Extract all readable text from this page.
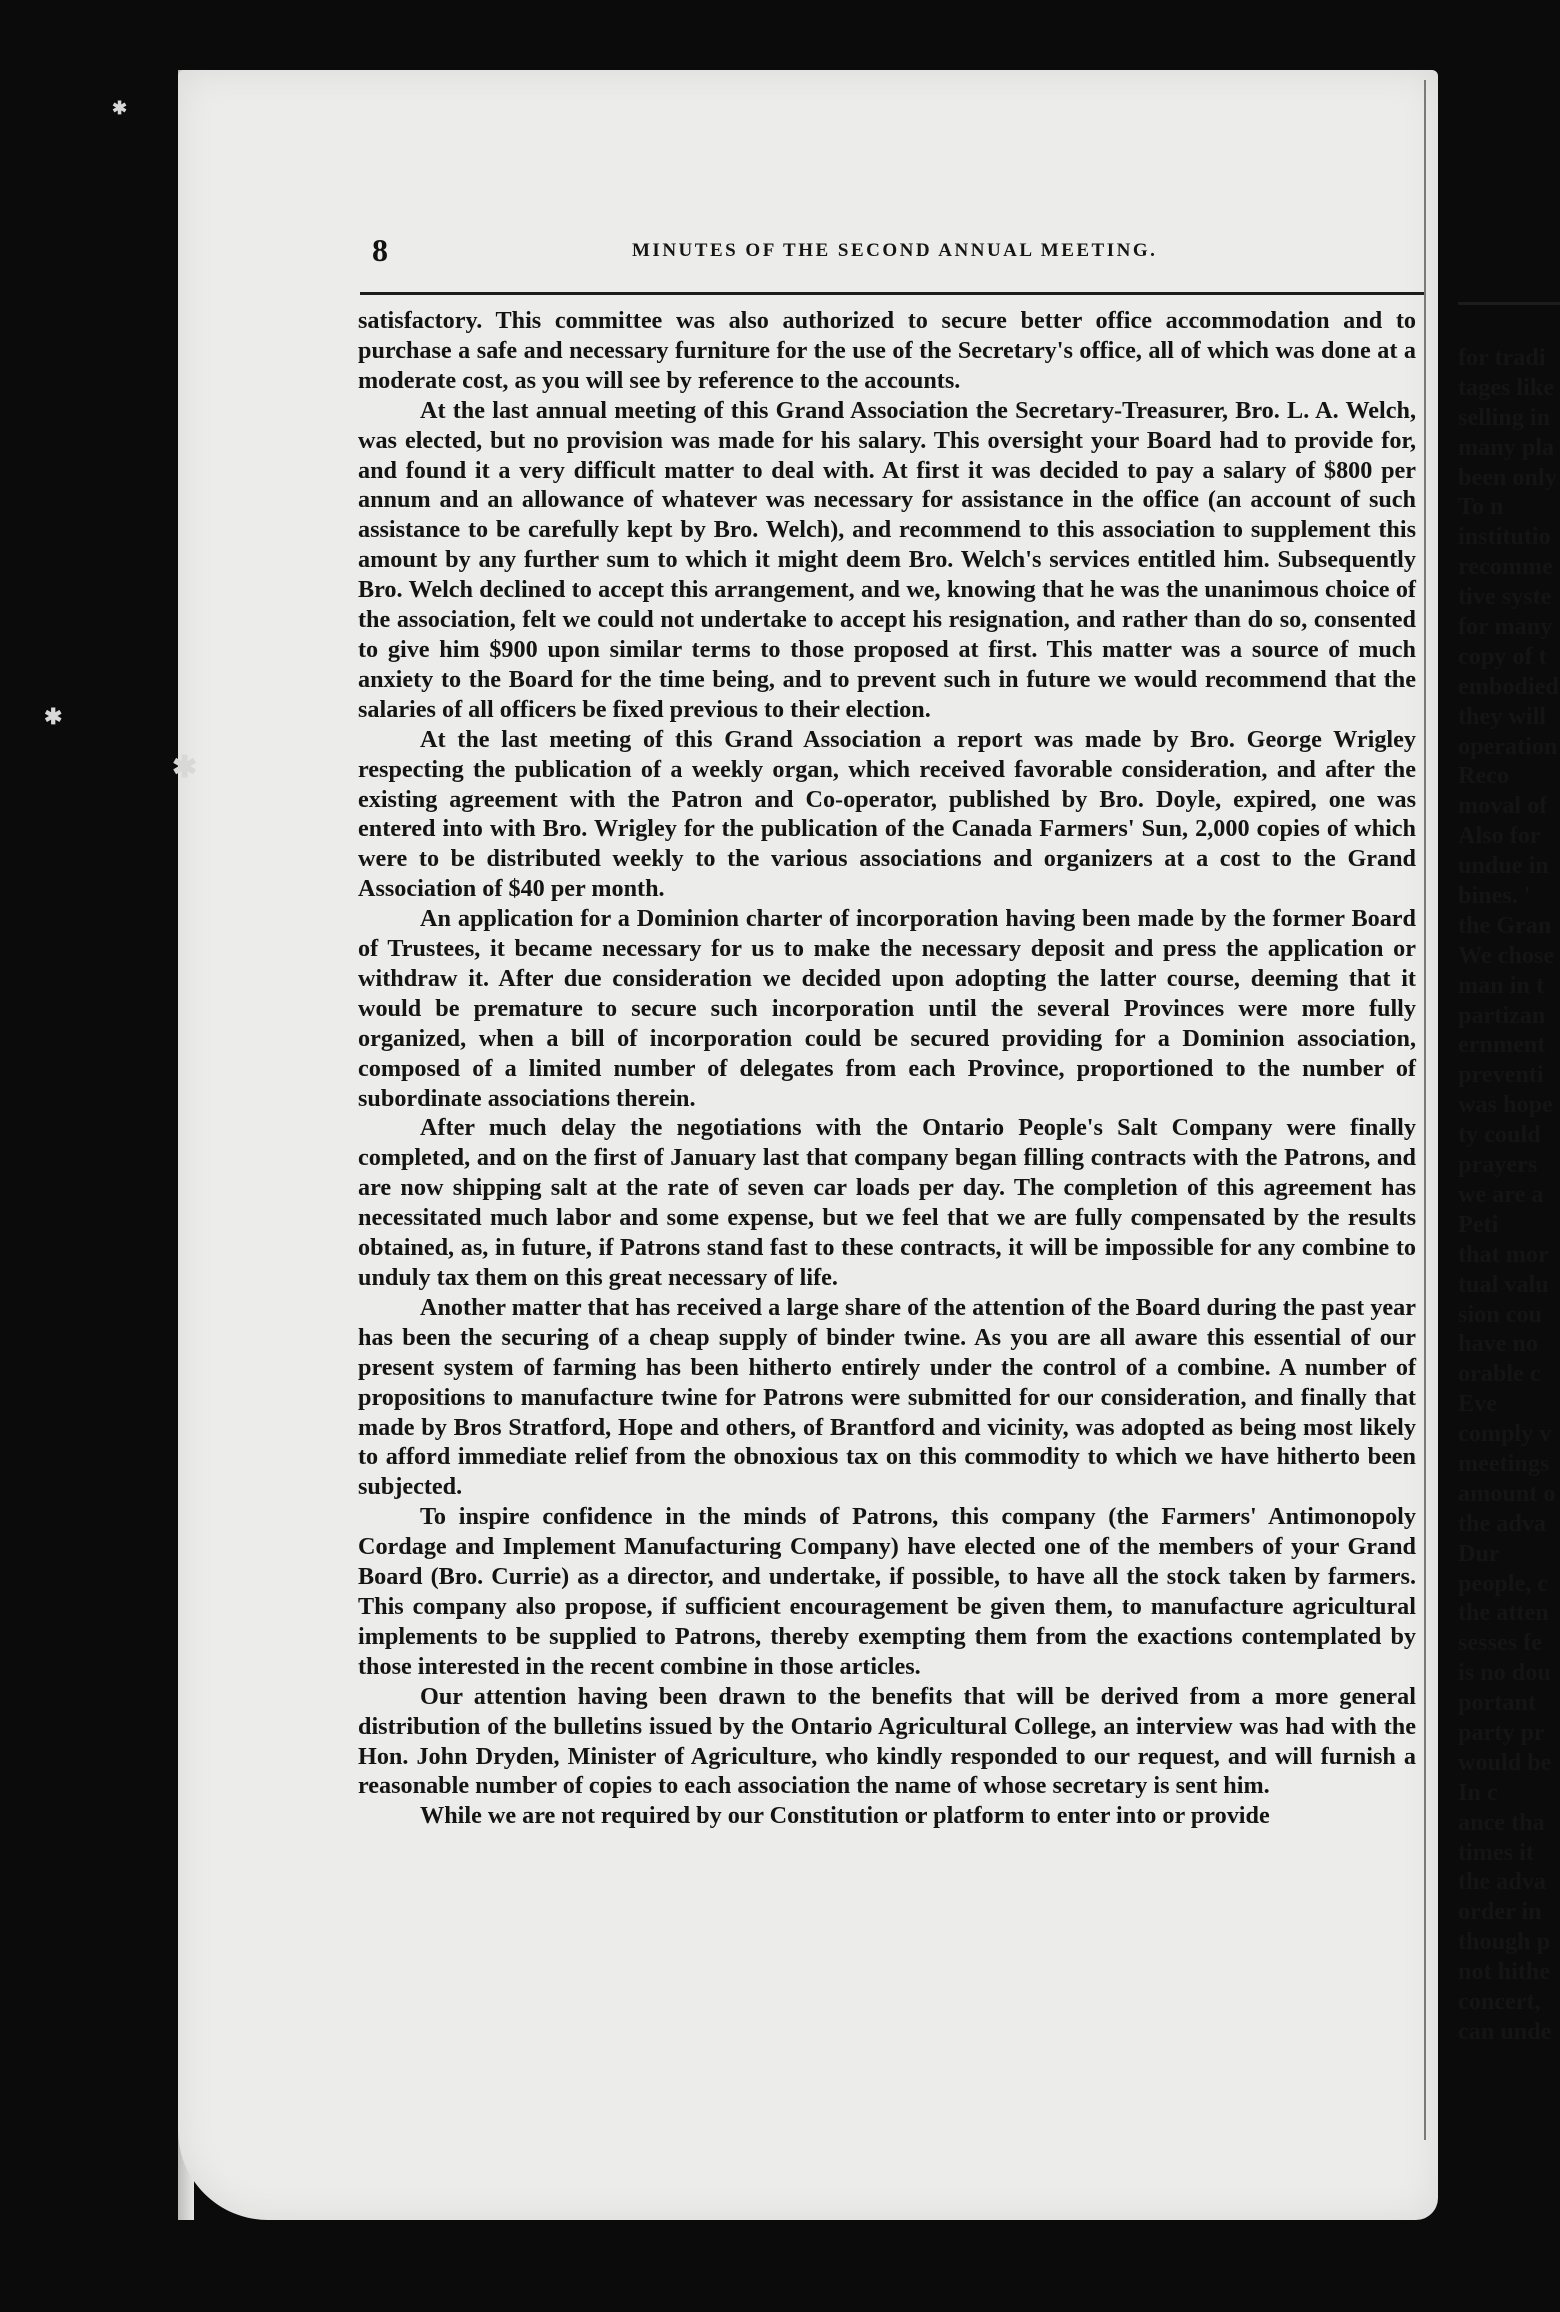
✱
✱
✱
8	MINUTES OF THE SECOND ANNUAL MEETING.

satisfactory. This committee was also authorized to secure better office accommodation and to purchase a safe and necessary furniture for the use of the Secretary's office, all of which was done at a moderate cost, as you will see by reference to the accounts.

At the last annual meeting of this Grand Association the Secretary-Treasurer, Bro. L. A. Welch, was elected, but no provision was made for his salary. This oversight your Board had to provide for, and found it a very difficult matter to deal with. At first it was decided to pay a salary of $800 per annum and an allowance of whatever was necessary for assistance in the office (an account of such assistance to be carefully kept by Bro. Welch), and recommend to this association to supplement this amount by any further sum to which it might deem Bro. Welch's services entitled him. Subsequently Bro. Welch declined to accept this arrangement, and we, knowing that he was the unanimous choice of the association, felt we could not undertake to accept his resignation, and rather than do so, consented to give him $900 upon similar terms to those proposed at first. This matter was a source of much anxiety to the Board for the time being, and to prevent such in future we would recommend that the salaries of all officers be fixed previous to their election.

At the last meeting of this Grand Association a report was made by Bro. George Wrigley respecting the publication of a weekly organ, which received favorable consideration, and after the existing agreement with the Patron and Co-operator, published by Bro. Doyle, expired, one was entered into with Bro. Wrigley for the publication of the Canada Farmers' Sun, 2,000 copies of which were to be distributed weekly to the various associations and organizers at a cost to the Grand Association of $40 per month.

An application for a Dominion charter of incorporation having been made by the former Board of Trustees, it became necessary for us to make the necessary deposit and press the application or withdraw it. After due consideration we decided upon adopting the latter course, deeming that it would be premature to secure such incorporation until the several Provinces were more fully organized, when a bill of incorporation could be secured providing for a Dominion association, composed of a limited number of delegates from each Province, proportioned to the number of subordinate associations therein.

After much delay the negotiations with the Ontario People's Salt Company were finally completed, and on the first of January last that company began filling contracts with the Patrons, and are now shipping salt at the rate of seven car loads per day. The completion of this agreement has necessitated much labor and some expense, but we feel that we are fully compensated by the results obtained, as, in future, if Patrons stand fast to these contracts, it will be impossible for any combine to unduly tax them on this great necessary of life.

Another matter that has received a large share of the attention of the Board during the past year has been the securing of a cheap supply of binder twine. As you are all aware this essential of our present system of farming has been hitherto entirely under the control of a combine. A number of propositions to manufacture twine for Patrons were submitted for our consideration, and finally that made by Bros Stratford, Hope and others, of Brantford and vicinity, was adopted as being most likely to afford immediate relief from the obnoxious tax on this commodity to which we have hitherto been subjected.

To inspire confidence in the minds of Patrons, this company (the Farmers' Antimonopoly Cordage and Implement Manufacturing Company) have elected one of the members of your Grand Board (Bro. Currie) as a director, and undertake, if possible, to have all the stock taken by farmers. This company also propose, if sufficient encouragement be given them, to manufacture agricultural implements to be supplied to Patrons, thereby exempting them from the exactions contemplated by those interested in the recent combine in those articles.

Our attention having been drawn to the benefits that will be derived from a more general distribution of the bulletins issued by the Ontario Agricultural College, an interview was had with the Hon. John Dryden, Minister of Agriculture, who kindly responded to our request, and will furnish a reasonable number of copies to each association the name of whose secretary is sent him.

While we are not required by our Constitution or platform to enter into or provide

for tradi
tages like
selling in
many pla
been only
To n
institutio
recomme
tive syste
for many
copy of t
embodied
they will
operation
Reco
moval of
Also for
undue in
bines. '
the Gran
We chose
man in t
partizan
ernment
preventi
was hope
ty could
prayers
we are a
Peti
that mor
tual valu
sion cou
have no
orable c
Eve
comply v
meetings
amount o
the adva
Dur
people, c
the atten
sesses fe
is no dou
portant
party pr
would be
In c
ance tha
times it
the adva
order in
though p
not hithe
concert,
can unde
